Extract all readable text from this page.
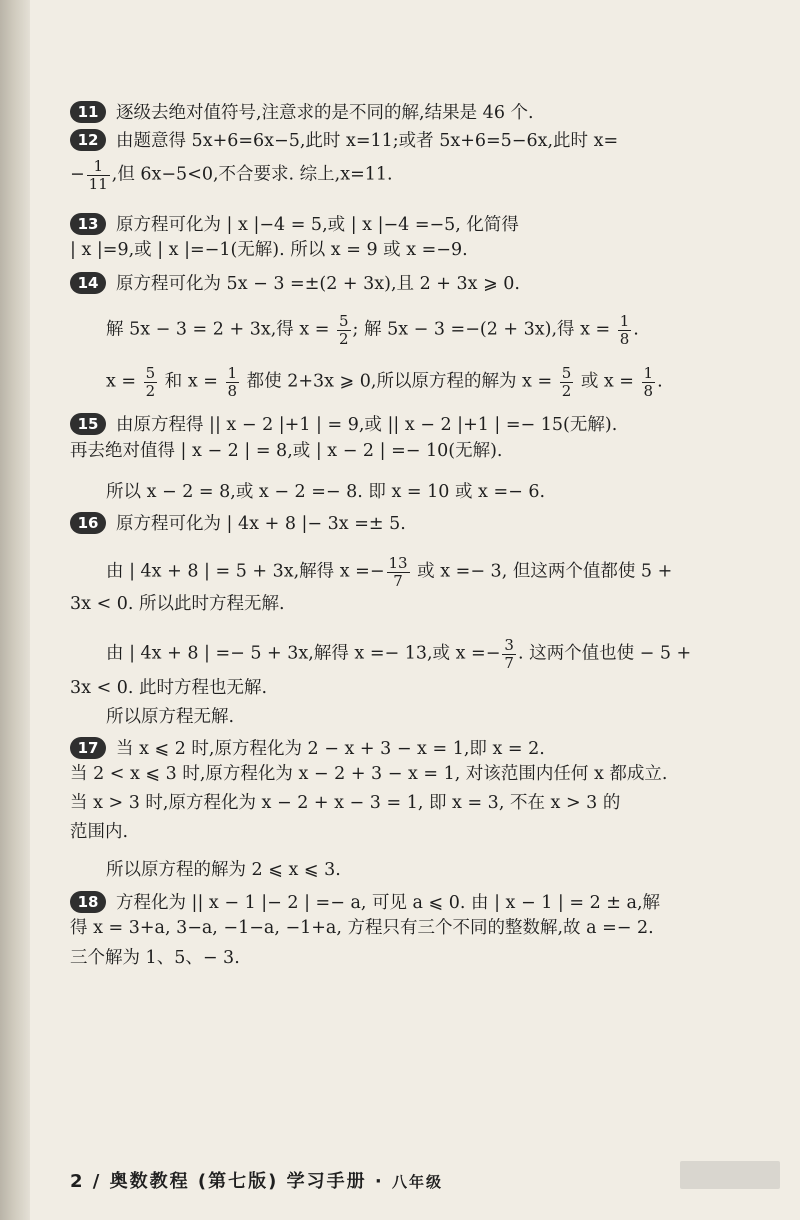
11 逐级去绝对值符号,注意求的是不同的解,结果是 46 个.
12 由题意得 5x+6=6x−5,此时 x=11;或者 5x+6=5−6x,此时 x=
− $\frac{1}{11}$ ,但 6x−5<0,不合要求. 综上,x=11.
13 原方程可化为 | x |−4 = 5,或 | x |−4 =−5, 化简得
| x |=9,或 | x |=−1(无解). 所以 x = 9 或 x =−9.
14 原方程可化为 5x − 3 =±(2 + 3x),且 2 + 3x ⩾ 0.
解 5x − 3 = 2 + 3x,得 $x = \frac{5}{2}$ ; 解 5x − 3 =−(2 + 3x),得 $x = \frac{1}{8}$ .
$x = \frac{5}{2}$ 和 $x = \frac{1}{8}$ 都使 2+3x ⩾ 0,所以原方程的解为 $x = \frac{5}{2}$ 或 $x = \frac{1}{8}$ .
15 由原方程得 || x − 2 |+1 | = 9,或 || x − 2 |+1 | =− 15(无解).
再去绝对值得 | x − 2 | = 8,或 | x − 2 | =− 10(无解).
所以 x − 2 = 8,或 x − 2 =− 8. 即 x = 10 或 x =− 6.
16 原方程可化为 | 4x + 8 |− 3x =± 5.
由 | 4x + 8 | = 5 + 3x,解得 $x =- \frac{13}{7}$ 或 x =− 3, 但这两个值都使 5 +
3x < 0. 所以此时方程无解.
由 | 4x + 8 | =− 5 + 3x,解得 x =− 13,或 $x =- \frac{3}{7}$ . 这两个值也使 − 5 +
3x < 0. 此时方程也无解.
所以原方程无解.
17 当 x ⩽ 2 时,原方程化为 2 − x + 3 − x = 1,即 x = 2.
当 2 < x ⩽ 3 时,原方程化为 x − 2 + 3 − x = 1, 对该范围内任何 x 都成立.
当 x > 3 时,原方程化为 x − 2 + x − 3 = 1, 即 x = 3, 不在 x > 3 的
范围内.
所以原方程的解为 2 ⩽ x ⩽ 3.
18 方程化为 || x − 1 |− 2 | =− a, 可见 a ⩽ 0. 由 | x − 1 | = 2 ± a,解
得 x = 3+a, 3−a, −1−a, −1+a, 方程只有三个不同的整数解,故 a =− 2.
三个解为 1、5、− 3.
2 / 奥数教程 (第七版) 学习手册 · 八年级
